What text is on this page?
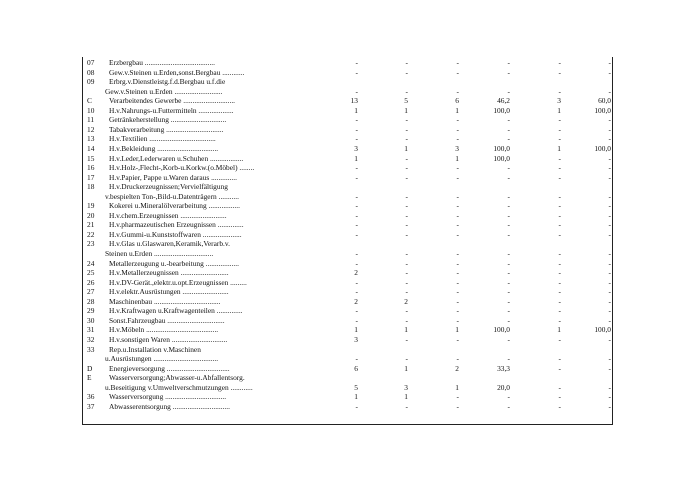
07 Erzbergbau ......................................	-	-	-	-	-	-
08 Gew.v.Steinen u.Erden,sonst.Bergbau ............	-	-	-	-	-	-
09 Erbrg.v.Dienstleistg.f.d.Bergbau u.f.die
Gew.v.Steinen u.Erden ..........................	-	-	-	-	-	-
C Verarbeitendes Gewerbe ............................	13	5	6	46,2	3	60,0
10 H.v.Nahrungs-u.Futtermitteln ...................	1	1	1	100,0	1	100,0
11 Getränkeherstellung ..............................	-	-	-	-	-	-
12 Tabakverarbeitung ...............................	-	-	-	-	-	-
13 H.v.Textilien ....................................	-	-	-	-	-	-
14 H.v.Bekleidung .................................	3	1	3	100,0	1	100,0
15 H.v.Leder,Lederwaren u.Schuhen ..................	1	-	1	100,0	-	-
16 H.v.Holz-,Flecht-,Korb-u.Korkw.(o.Möbel) ........	-	-	-	-	-	-
17 H.v.Papier, Pappe u.Waren daraus ..............	-	-	-	-	-	-
18 H.v.Druckerzeugnissen;Vervielfältigung
v.bespielten Ton-,Bild-u.Datenträgern ...........	-	-	-	-	-	-
19 Kokerei u.Mineralölverarbeitung .................	-	-	-	-	-	-
20 H.v.chem.Erzeugnissen .........................	-	-	-	-	-	-
21 H.v.pharmazeutischen Erzeugnissen ..............	-	-	-	-	-	-
22 H.v.Gummi-u.Kunststoffwaren .....................	-	-	-	-	-	-
23 H.v.Glas u.Glaswaren,Keramik,Verarb.v.
Steinen u.Erden ................................	-	-	-	-	-	-
24 Metallerzeugung u.-bearbeitung ..................	-	-	-	-	-	-
25 H.v.Metallerzeugnissen ..........................	2	-	-	-	-	-
26 H.v.DV-Gerät.,elektr.u.opt.Erzeugnissen .........	-	-	-	-	-	-
27 H.v.elektr.Ausrüstungen .........................	-	-	-	-	-	-
28 Maschinenbau ....................................	2	2	-	-	-	-
29 H.v.Kraftwagen u.Kraftwagenteilen ..............	-	-	-	-	-	-
30 Sonst.Fahrzeugbau ...............................	-	-	-	-	-	-
31 H.v.Möbeln .......................................	1	1	1	100,0	1	100,0
32 H.v.sonstigen Waren ..............................	3	-	-	-	-	-
33 Rep.u.Installation v.Maschinen
u.Ausrüstungen ...................................	-	-	-	-	-	-
D Energieversorgung ..................................	6	1	2	33,3	-	-
E Wasserversorgung;Abwasser-u.Abfallentsorg.
u.Beseitigung v.Umweltverschmutzungen ............	5	3	1	20,0	-	-
36 Wasserversorgung .................................	1	1	-	-	-	-
37 Abwasserentsorgung ...............................	-	-	-	-	-	-
